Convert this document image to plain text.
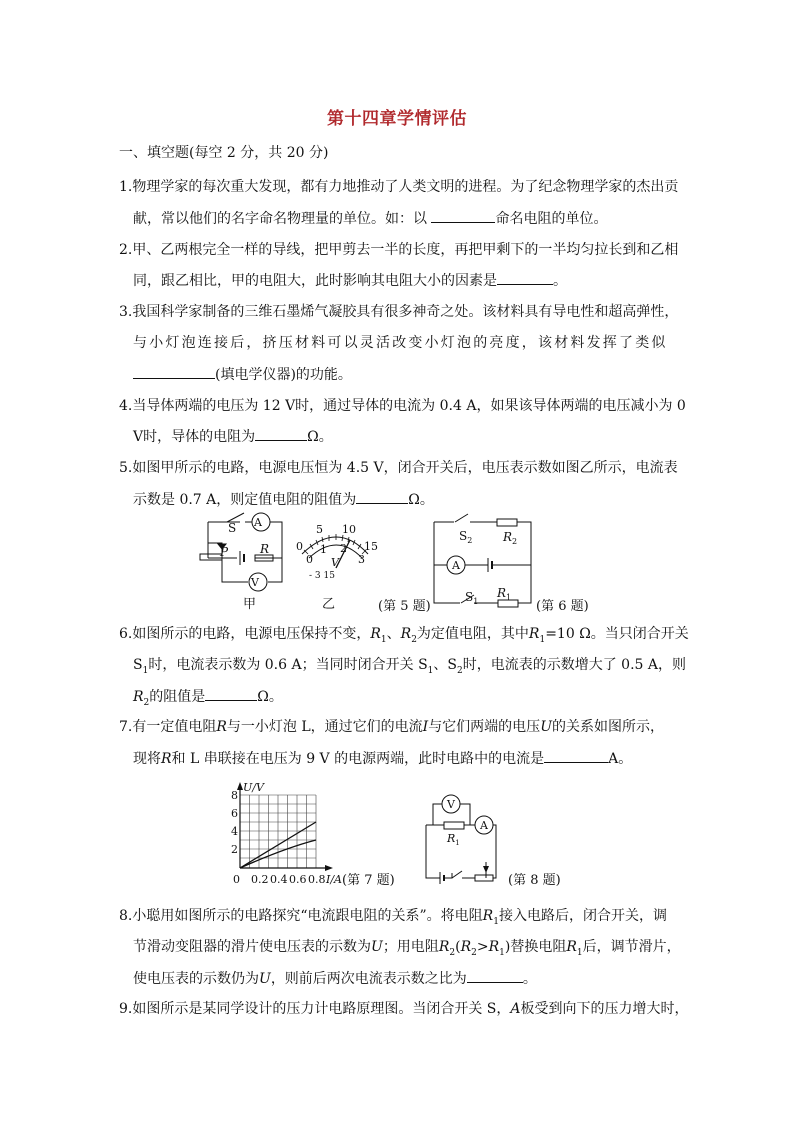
第十四章学情评估
一、填空题(每空 2 分，共 20 分)
1.物理学家的每次重大发现，都有力地推动了人类文明的进程。为了纪念物理学家的杰出贡
献，常以他们的名字命名物理量的单位。如：以	命名电阻的单位。
2.甲、乙两根完全一样的导线，把甲剪去一半的长度，再把甲剩下的一半均匀拉长到和乙相
同，跟乙相比，甲的电阻大，此时影响其电阻大小的因素是	。
3.我国科学家制备的三维石墨烯气凝胶具有很多神奇之处。该材料具有导电性和超高弹性，
与小灯泡连接后，挤压材料可以灵活改变小灯泡的亮度，该材料发挥了类似
(填电学仪器)的功能。
4.当导体两端的电压为 12 V时，通过导体的电流为 0.4 A，如果该导体两端的电压减小为 0
V时，导体的电阻为	Ω。
5.如图甲所示的电路，电源电压恒为 4.5 V，闭合开关后，电压表示数如图乙所示，电流表
示数是 0.7 A，则定值电阻的阻值为	Ω。
S A
P	R
V
甲
5 10
0	15
0
1 2
3
V
- 3 15
乙	(第 5 题)
$S_2$	$R_2$
A
$S_1$
$R_1$
(第 6 题)
6.如图所示的电路，电源电压保持不变，$R_1$、$R_2$为定值电阻，其中$R_1=10$ Ω。当只闭合开关
$S_1$时，电流表示数为 0.6 A；当同时闭合开关 $S_1$、$S_2$时，电流表的示数增大了 0.5 A，则
$R_2$的阻值是	Ω。
7.有一定值电阻R与一小灯泡 L，通过它们的电流I与它们两端的电压U的关系如图所示，
现将R和 L 串联接在电压为 9 V 的电源两端，此时电路中的电流是	A。
U/V
I/A
8
6
4
2
0 0.2 0.4 0.6 0.8 (第 7 题)
V
A
$R_1$
(第 8 题)
8.小聪用如图所示的电路探究“电流跟电阻的关系”。将电阻$R_1$接入电路后，闭合开关，调
节滑动变阻器的滑片使电压表的示数为U；用电阻$R_2(R_2>R_1)$替换电阻$R_1$后，调节滑片，
使电压表的示数仍为U，则前后两次电流表示数之比为	。
9.如图所示是某同学设计的压力计电路原理图。当闭合开关 S，A板受到向下的压力增大时，
